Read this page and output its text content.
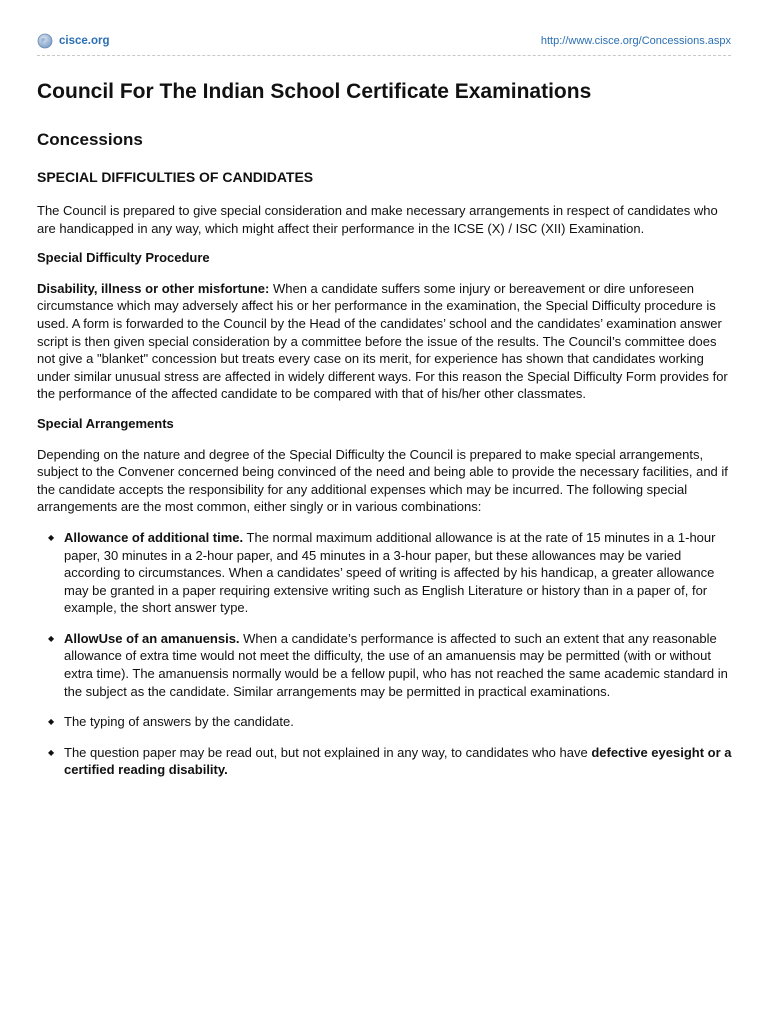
cisce.org	http://www.cisce.org/Concessions.aspx
Council For The Indian School Certificate Examinations
Concessions
SPECIAL DIFFICULTIES OF CANDIDATES

The Council is prepared to give special consideration and make necessary arrangements in respect of candidates who are handicapped in any way, which might affect their performance in the ICSE (X) / ISC (XII) Examination.

Special Difficulty Procedure

Disability, illness or other misfortune: When a candidate suffers some injury or bereavement or dire unforeseen circumstance which may adversely affect his or her performance in the examination, the Special Difficulty procedure is used. A form is forwarded to the Council by the Head of the candidates’ school and the candidates’ examination answer script is then given special consideration by a committee before the issue of the results. The Council’s committee does not give a "blanket" concession but treats every case on its merit, for experience has shown that candidates working under similar unusual stress are affected in widely different ways. For this reason the Special Difficulty Form provides for the performance of the affected candidate to be compared with that of his/her other classmates.

Special Arrangements

Depending on the nature and degree of the Special Difficulty the Council is prepared to make special arrangements, subject to the Convener concerned being convinced of the need and being able to provide the necessary facilities, and if the candidate accepts the responsibility for any additional expenses which may be incurred. The following special arrangements are the most common, either singly or in various combinations:

◆ Allowance of additional time. The normal maximum additional allowance is at the rate of 15 minutes in a 1-hour paper, 30 minutes in a 2-hour paper, and 45 minutes in a 3-hour paper, but these allowances may be varied according to circumstances. When a candidates’ speed of writing is affected by his handicap, a greater allowance may be granted in a paper requiring extensive writing such as English Literature or history than in a paper of, for example, the short answer type.
◆ AllowUse of an amanuensis. When a candidate’s performance is affected to such an extent that any reasonable allowance of extra time would not meet the difficulty, the use of an amanuensis may be permitted (with or without extra time). The amanuensis normally would be a fellow pupil, who has not reached the same academic standard in the subject as the candidate. Similar arrangements may be permitted in practical examinations.
◆ The typing of answers by the candidate.
◆ The question paper may be read out, but not explained in any way, to candidates who have defective eyesight or a certified reading disability.
